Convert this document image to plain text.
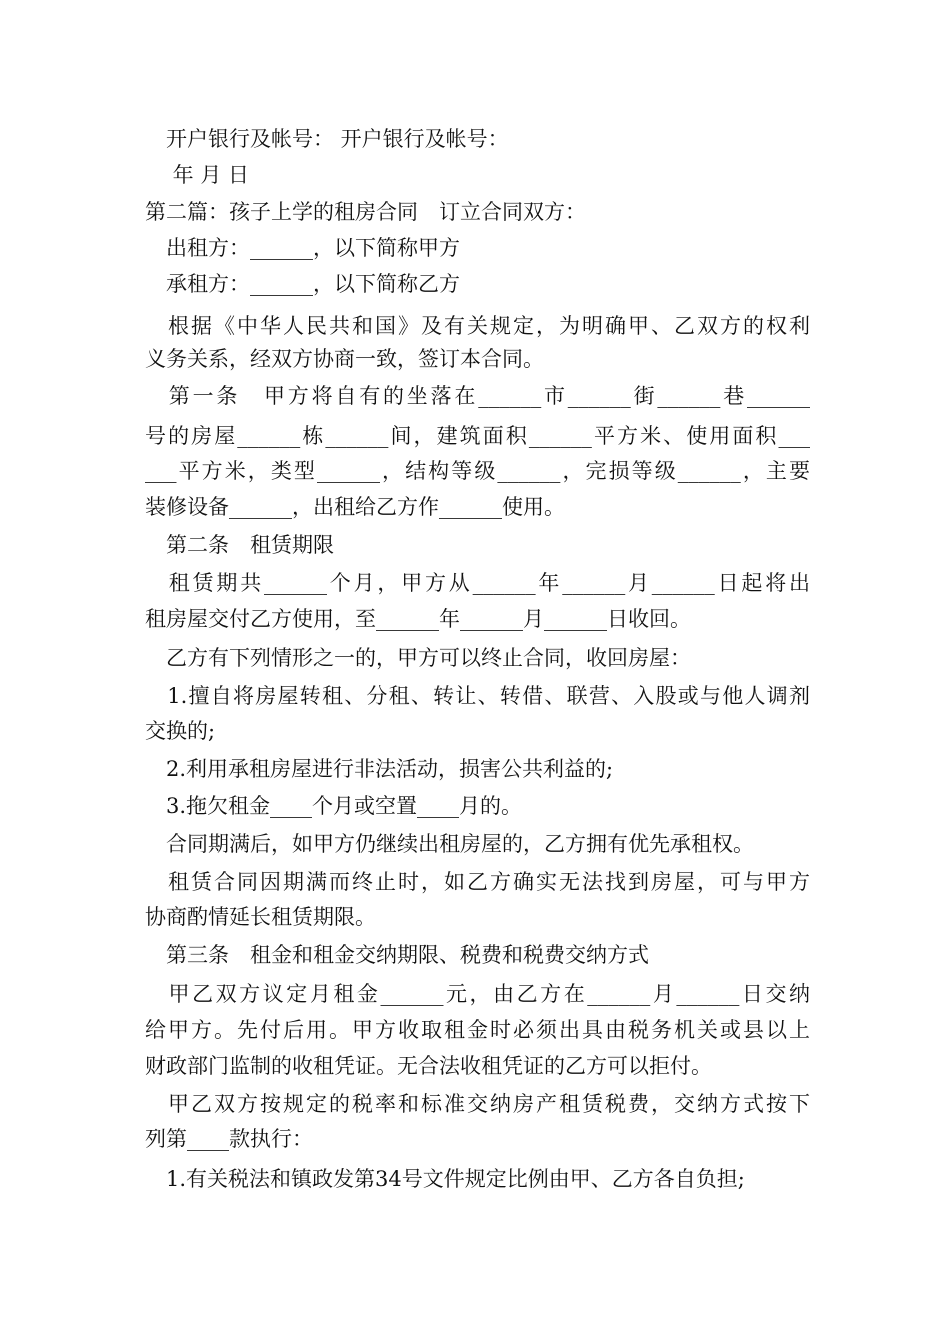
　开户银行及帐号： 开户银行及帐号：
　 年 月 日
第二篇：孩子上学的租房合同　订立合同双方：
　出租方：______，以下简称甲方
　承租方：______，以下简称乙方
　根据《中华人民共和国》及有关规定，为明确甲、乙双方的权利
义务关系，经双方协商一致，签订本合同。
　第一条　甲方将自有的坐落在______市______街______巷______
号的房屋______栋______间，建筑面积______平方米、使用面积___
___平方米，类型______，结构等级______，完损等级______，主要
装修设备______，出租给乙方作______使用。
　第二条　租赁期限
　租赁期共______个月，甲方从______年______月______日起将出
租房屋交付乙方使用，至______年______月______日收回。
　乙方有下列情形之一的，甲方可以终止合同，收回房屋：
　1.擅自将房屋转租、分租、转让、转借、联营、入股或与他人调剂
交换的;
　2.利用承租房屋进行非法活动，损害公共利益的;
　3.拖欠租金____个月或空置____月的。
　合同期满后，如甲方仍继续出租房屋的，乙方拥有优先承租权。
　租赁合同因期满而终止时，如乙方确实无法找到房屋，可与甲方
协商酌情延长租赁期限。
　第三条　租金和租金交纳期限、税费和税费交纳方式
　甲乙双方议定月租金______元，由乙方在______月______日交纳
给甲方。先付后用。甲方收取租金时必须出具由税务机关或县以上
财政部门监制的收租凭证。无合法收租凭证的乙方可以拒付。
　甲乙双方按规定的税率和标准交纳房产租赁税费，交纳方式按下
列第____款执行：
　1.有关税法和镇政发第34号文件规定比例由甲、乙方各自负担;
